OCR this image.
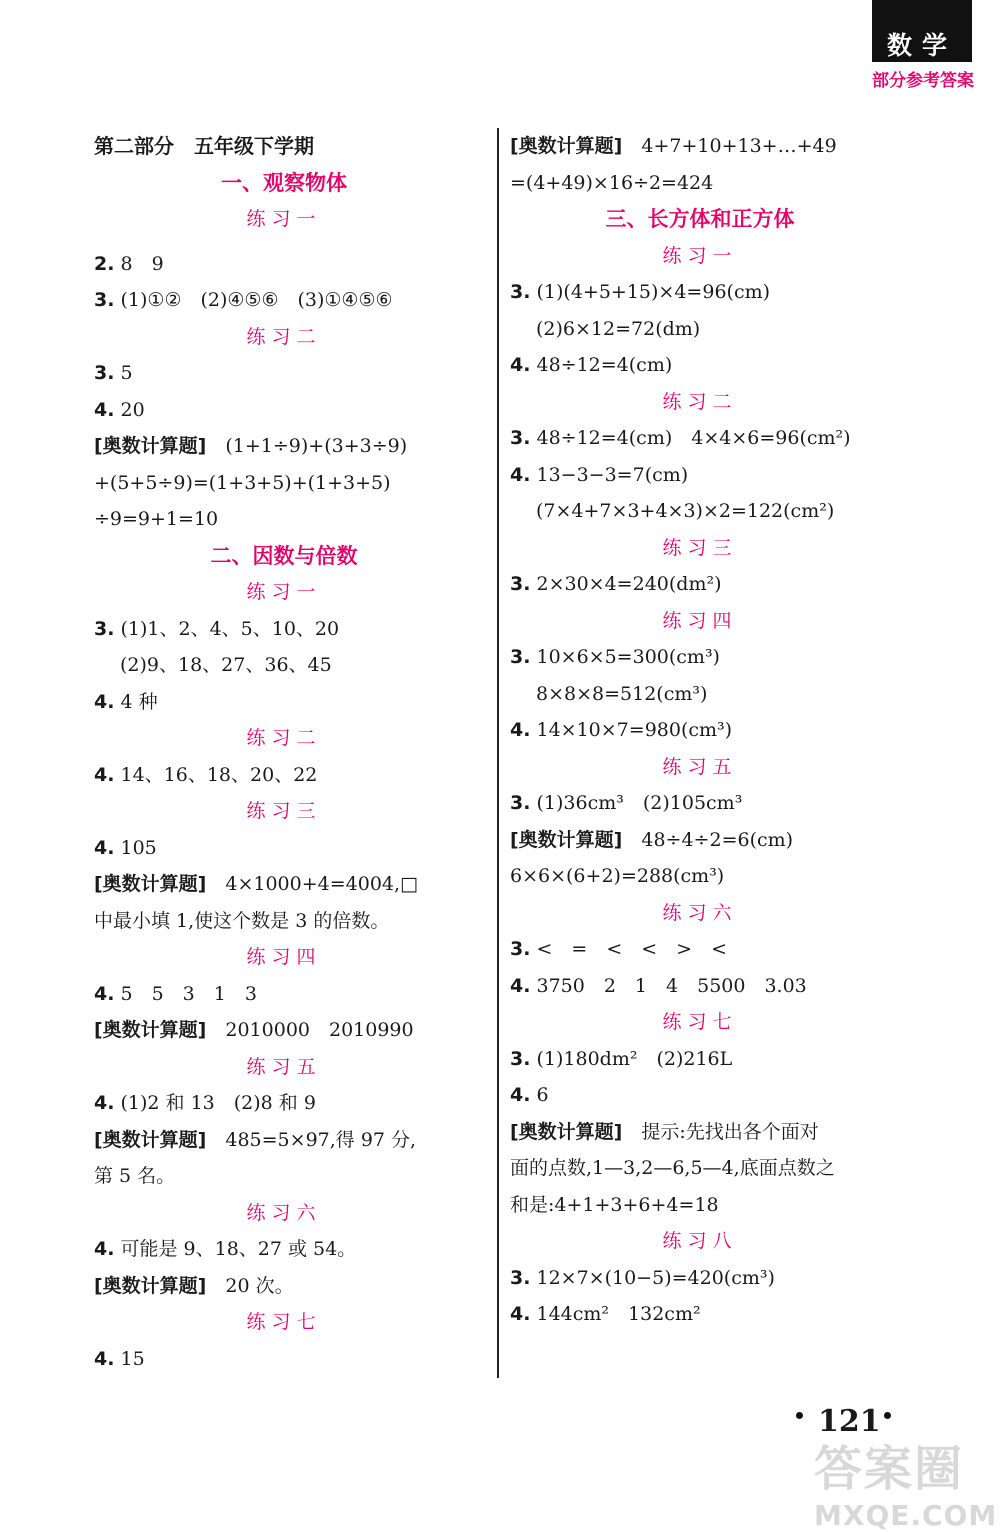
数学
部分参考答案
第二部分　五年级下学期
一、观察物体
练习一
2. 8　9
3. (1)①②　(2)④⑤⑥　(3)①④⑤⑥
练习二
3. 5
4. 20
[奥数计算题]　(1+1÷9)+(3+3÷9)
+(5+5÷9)=(1+3+5)+(1+3+5)
÷9=9+1=10
二、因数与倍数
练习一
3. (1)1、2、4、5、10、20
(2)9、18、27、36、45
4. 4 种
练习二
4. 14、16、18、20、22
练习三
4. 105
[奥数计算题]　4×1000+4=4004,□
中最小填 1,使这个数是 3 的倍数。
练习四
4. 5　5　3　1　3
[奥数计算题]　2010000　2010990
练习五
4. (1)2 和 13　(2)8 和 9
[奥数计算题]　485=5×97,得 97 分,
第 5 名。
练习六
4. 可能是 9、18、27 或 54。
[奥数计算题]　20 次。
练习七
4. 15
[奥数计算题]　4+7+10+13+…+49
=(4+49)×16÷2=424
三、长方体和正方体
练习一
3. (1)(4+5+15)×4=96(cm)
(2)6×12=72(dm)
4. 48÷12=4(cm)
练习二
3. 48÷12=4(cm)　4×4×6=96(cm²)
4. 13−3−3=7(cm)
(7×4+7×3+4×3)×2=122(cm²)
练习三
3. 2×30×4=240(dm²)
练习四
3. 10×6×5=300(cm³)
8×8×8=512(cm³)
4. 14×10×7=980(cm³)
练习五
3. (1)36cm³　(2)105cm³
[奥数计算题]　48÷4÷2=6(cm)
6×6×(6+2)=288(cm³)
练习六
3. <　=　<　<　>　<
4. 3750　2　1　4　5500　3.03
练习七
3. (1)180dm²　(2)216L
4. 6
[奥数计算题]　提示:先找出各个面对
面的点数,1—3,2—6,5—4,底面点数之
和是:4+1+3+6+4=18
练习八
3. 12×7×(10−5)=420(cm³)
4. 144cm²　132cm²
121
答案圈
MXQE.COM
